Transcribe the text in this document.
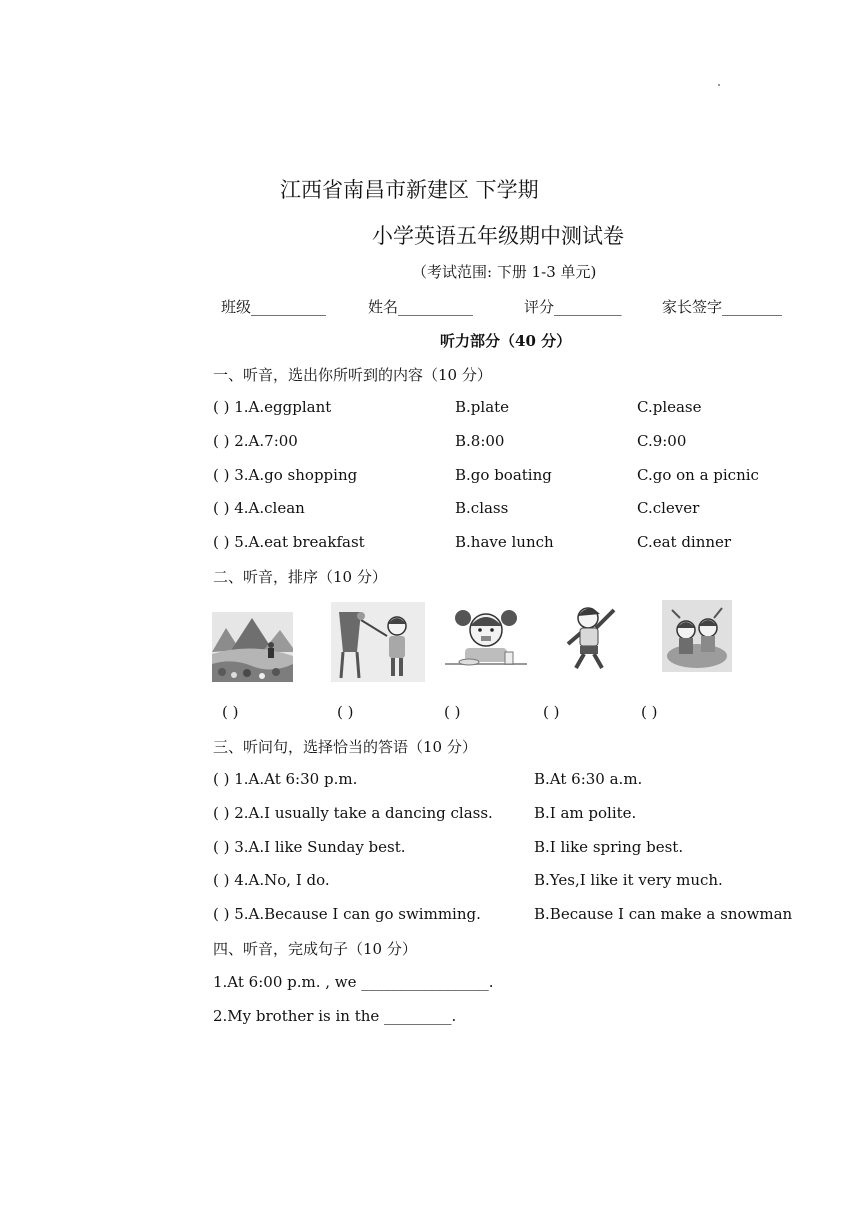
江西省南昌市新建区 下学期
小学英语五年级期中测试卷
（考试范围: 下册 1-3 单元)
班级__________	姓名__________	评分_________	家长签字________
听力部分（40 分）
一、听音，选出你所听到的内容（10 分）
( ) 1.A.eggplant	B.plate	C.please
( ) 2.A.7:00	B.8:00	C.9:00
( ) 3.A.go shopping	B.go boating	C.go on a picnic
( ) 4.A.clean	B.class	C.clever
( ) 5.A.eat breakfast	B.have lunch	C.eat dinner
二、听音，排序（10 分）
( )	( )	( )	( )	( )
三、听问句，选择恰当的答语（10 分）
( ) 1.A.At 6:30 p.m.	B.At 6:30 a.m.
( ) 2.A.I usually take a dancing class.	B.I am polite.
( ) 3.A.I like Sunday best.	B.I like spring best.
( ) 4.A.No, I do.	B.Yes,I like it very much.
( ) 5.A.Because I can go swimming.	B.Because I can make a snowman
四、听音，完成句子（10 分）
1.At 6:00 p.m. , we _________________.
2.My brother is in the _________.
